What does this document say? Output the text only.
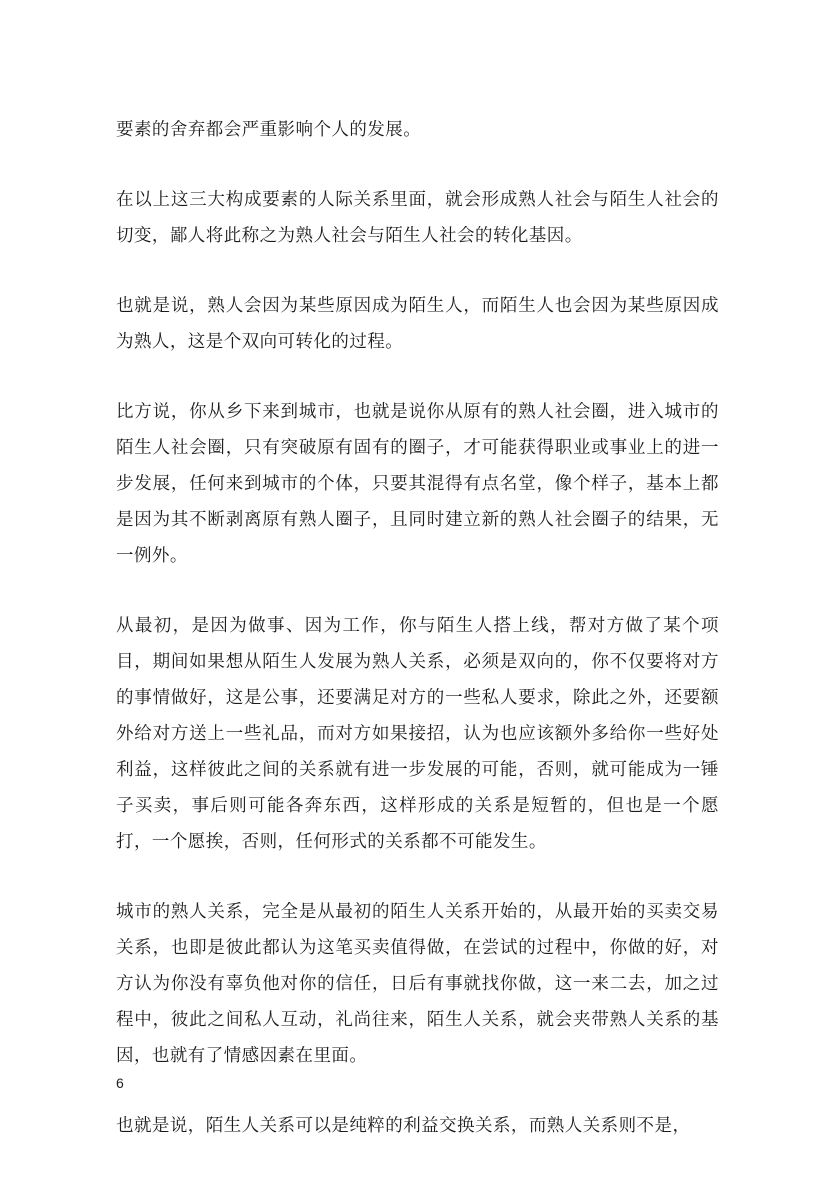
要素的舍弃都会严重影响个人的发展。

在以上这三大构成要素的人际关系里面，就会形成熟人社会与陌生人社会的切变，鄙人将此称之为熟人社会与陌生人社会的转化基因。

也就是说，熟人会因为某些原因成为陌生人，而陌生人也会因为某些原因成为熟人，这是个双向可转化的过程。

比方说，你从乡下来到城市，也就是说你从原有的熟人社会圈，进入城市的陌生人社会圈，只有突破原有固有的圈子，才可能获得职业或事业上的进一步发展，任何来到城市的个体，只要其混得有点名堂，像个样子，基本上都是因为其不断剥离原有熟人圈子，且同时建立新的熟人社会圈子的结果，无一例外。

从最初，是因为做事、因为工作，你与陌生人搭上线，帮对方做了某个项目，期间如果想从陌生人发展为熟人关系，必须是双向的，你不仅要将对方的事情做好，这是公事，还要满足对方的一些私人要求，除此之外，还要额外给对方送上一些礼品，而对方如果接招，认为也应该额外多给你一些好处利益，这样彼此之间的关系就有进一步发展的可能，否则，就可能成为一锤子买卖，事后则可能各奔东西，这样形成的关系是短暂的，但也是一个愿打，一个愿挨，否则，任何形式的关系都不可能发生。

城市的熟人关系，完全是从最初的陌生人关系开始的，从最开始的买卖交易关系，也即是彼此都认为这笔买卖值得做，在尝试的过程中，你做的好，对方认为你没有辜负他对你的信任，日后有事就找你做，这一来二去，加之过程中，彼此之间私人互动，礼尚往来，陌生人关系，就会夹带熟人关系的基因，也就有了情感因素在里面。

也就是说，陌生人关系可以是纯粹的利益交换关系，而熟人关系则不是，

6
